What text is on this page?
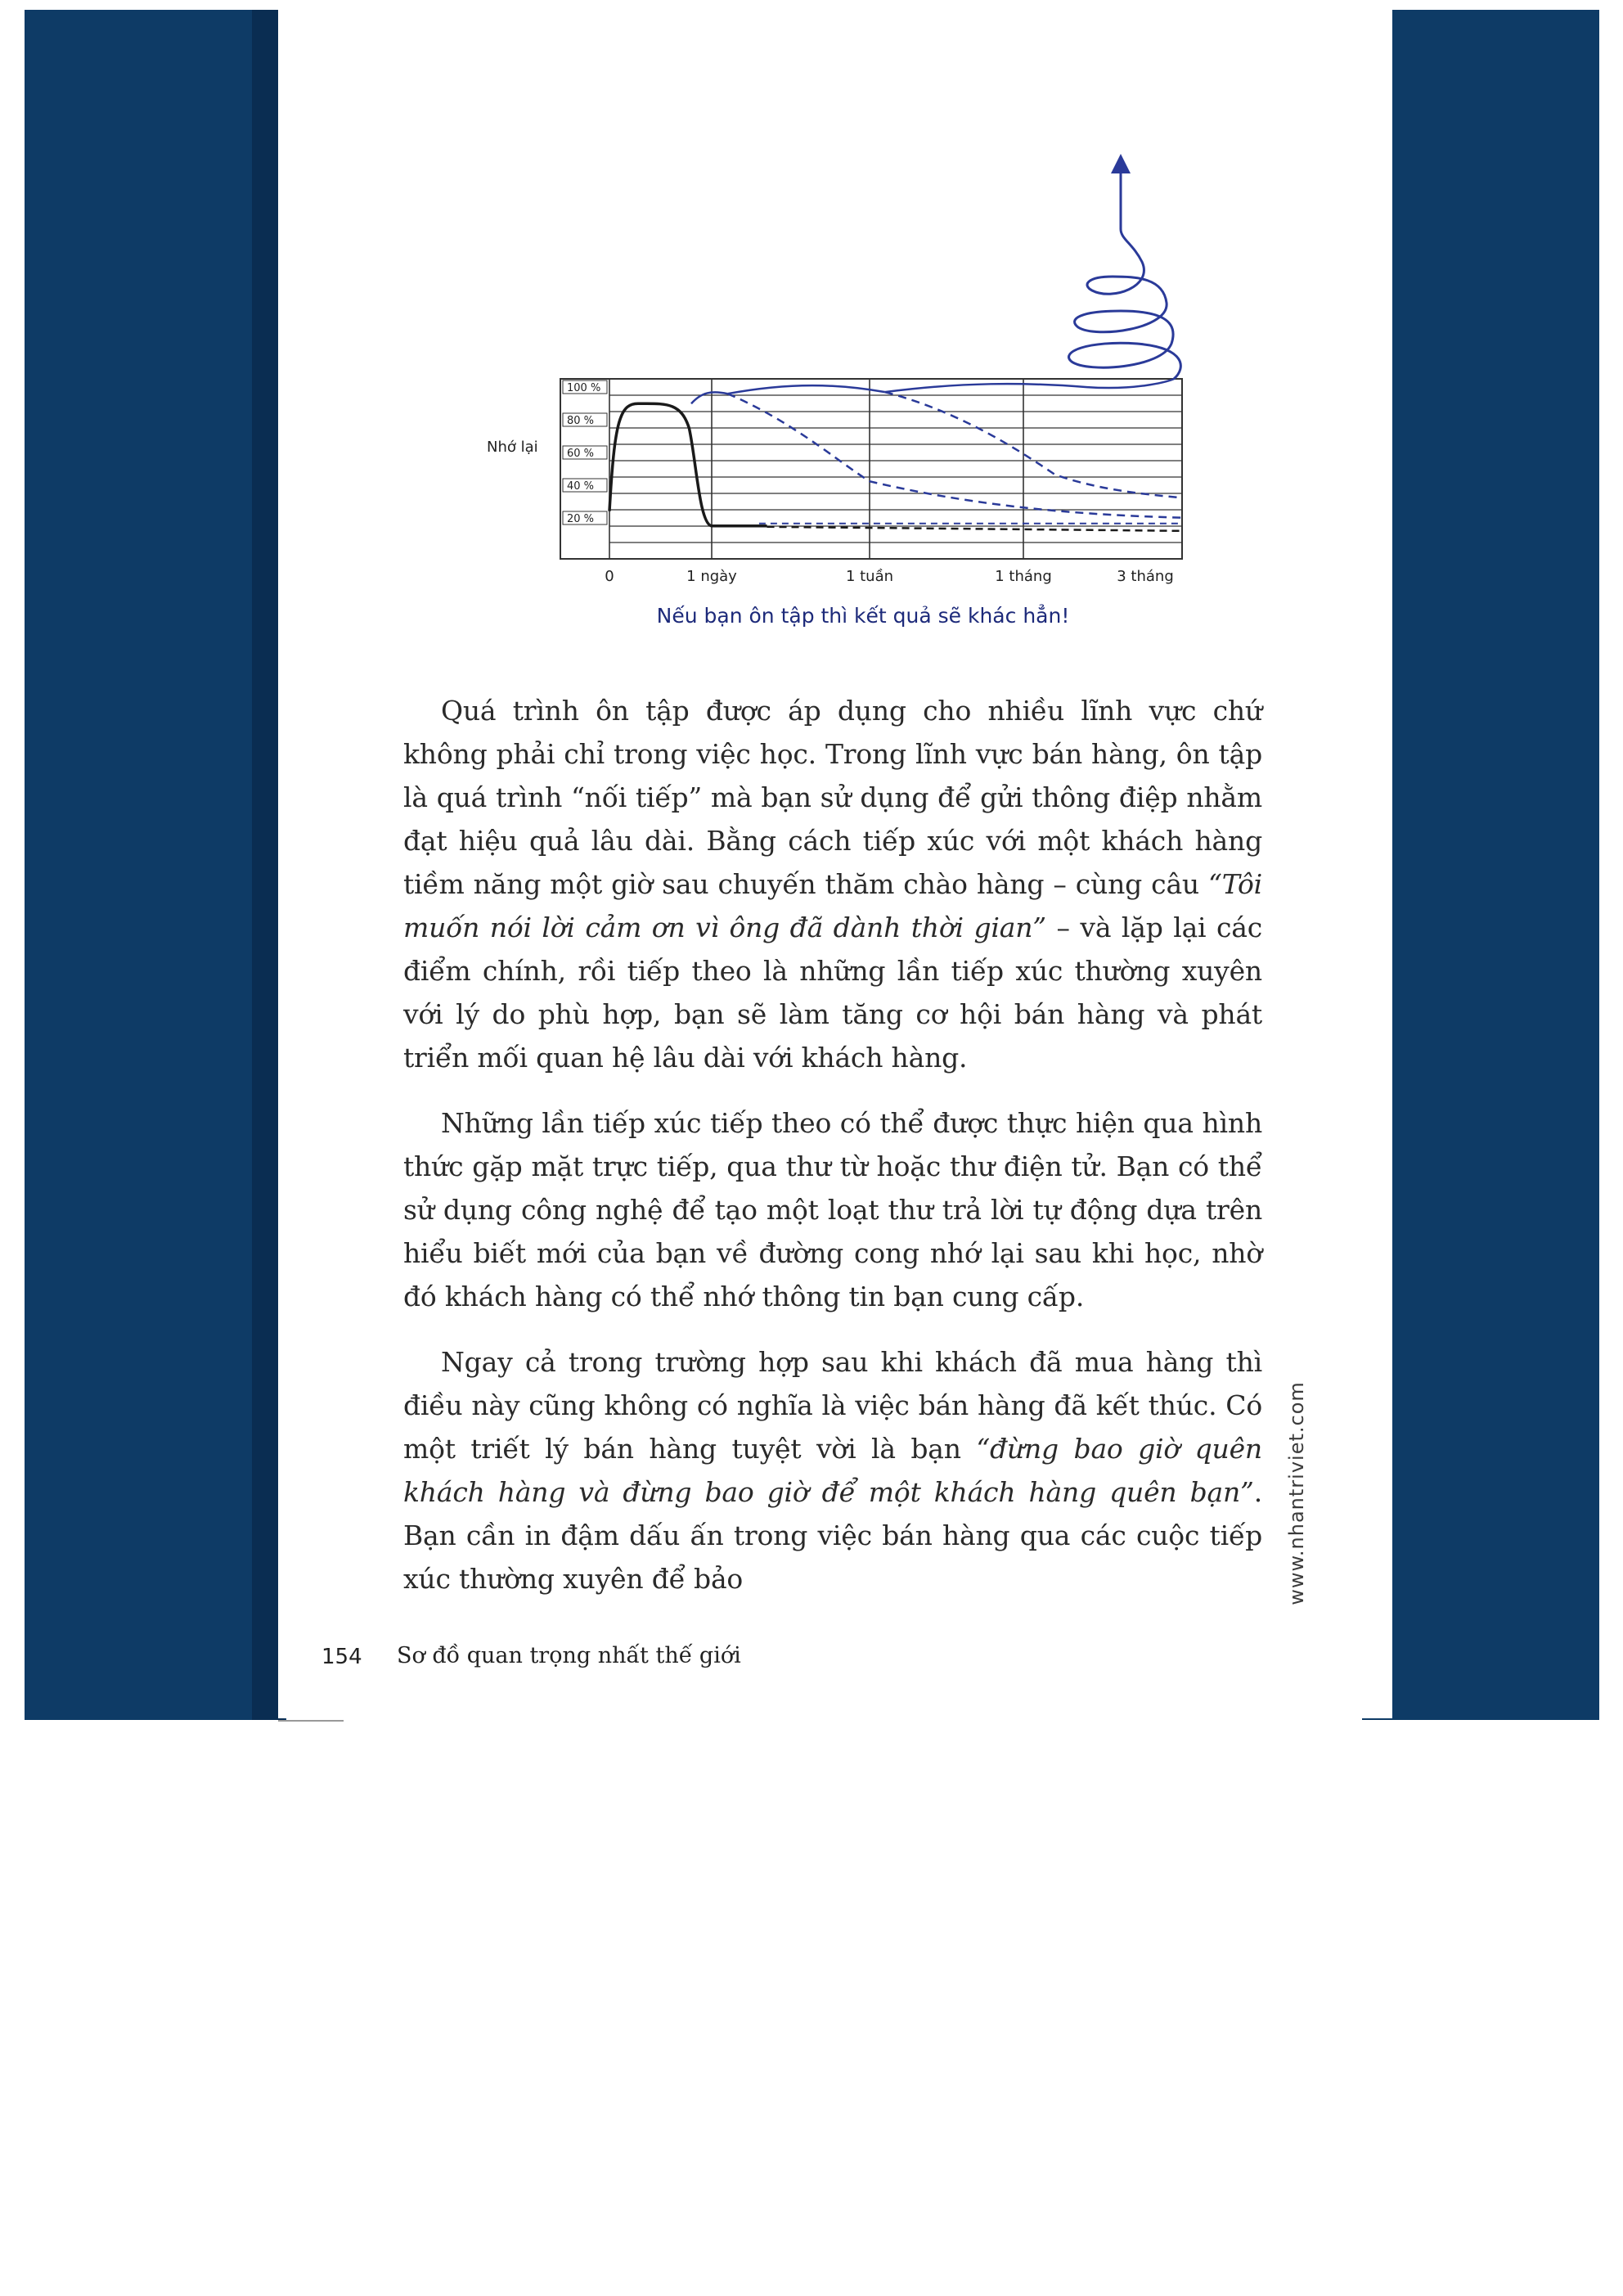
100 %
80 %
60 %
40 %
20 %
Nhớ lại
0	1 ngày	1 tuần	1 tháng	3 tháng
Nếu bạn ôn tập thì kết quả sẽ khác hẳn!

Quá trình ôn tập được áp dụng cho nhiều lĩnh vực chứ không phải chỉ trong việc học. Trong lĩnh vực bán hàng, ôn tập là quá trình “nối tiếp” mà bạn sử dụng để gửi thông điệp nhằm đạt hiệu quả lâu dài. Bằng cách tiếp xúc với một khách hàng tiềm năng một giờ sau chuyến thăm chào hàng – cùng câu “Tôi muốn nói lời cảm ơn vì ông đã dành thời gian” – và lặp lại các điểm chính, rồi tiếp theo là những lần tiếp xúc thường xuyên với lý do phù hợp, bạn sẽ làm tăng cơ hội bán hàng và phát triển mối quan hệ lâu dài với khách hàng.

Những lần tiếp xúc tiếp theo có thể được thực hiện qua hình thức gặp mặt trực tiếp, qua thư từ hoặc thư điện tử. Bạn có thể sử dụng công nghệ để tạo một loạt thư trả lời tự động dựa trên hiểu biết mới của bạn về đường cong nhớ lại sau khi học, nhờ đó khách hàng có thể nhớ thông tin bạn cung cấp.

Ngay cả trong trường hợp sau khi khách đã mua hàng thì điều này cũng không có nghĩa là việc bán hàng đã kết thúc. Có một triết lý bán hàng tuyệt vời là bạn “đừng bao giờ quên khách hàng và đừng bao giờ để một khách hàng quên bạn”. Bạn cần in đậm dấu ấn trong việc bán hàng qua các cuộc tiếp xúc thường xuyên để bảo	www.nhantriviet.com
154 Sơ đồ quan trọng nhất thế giới
